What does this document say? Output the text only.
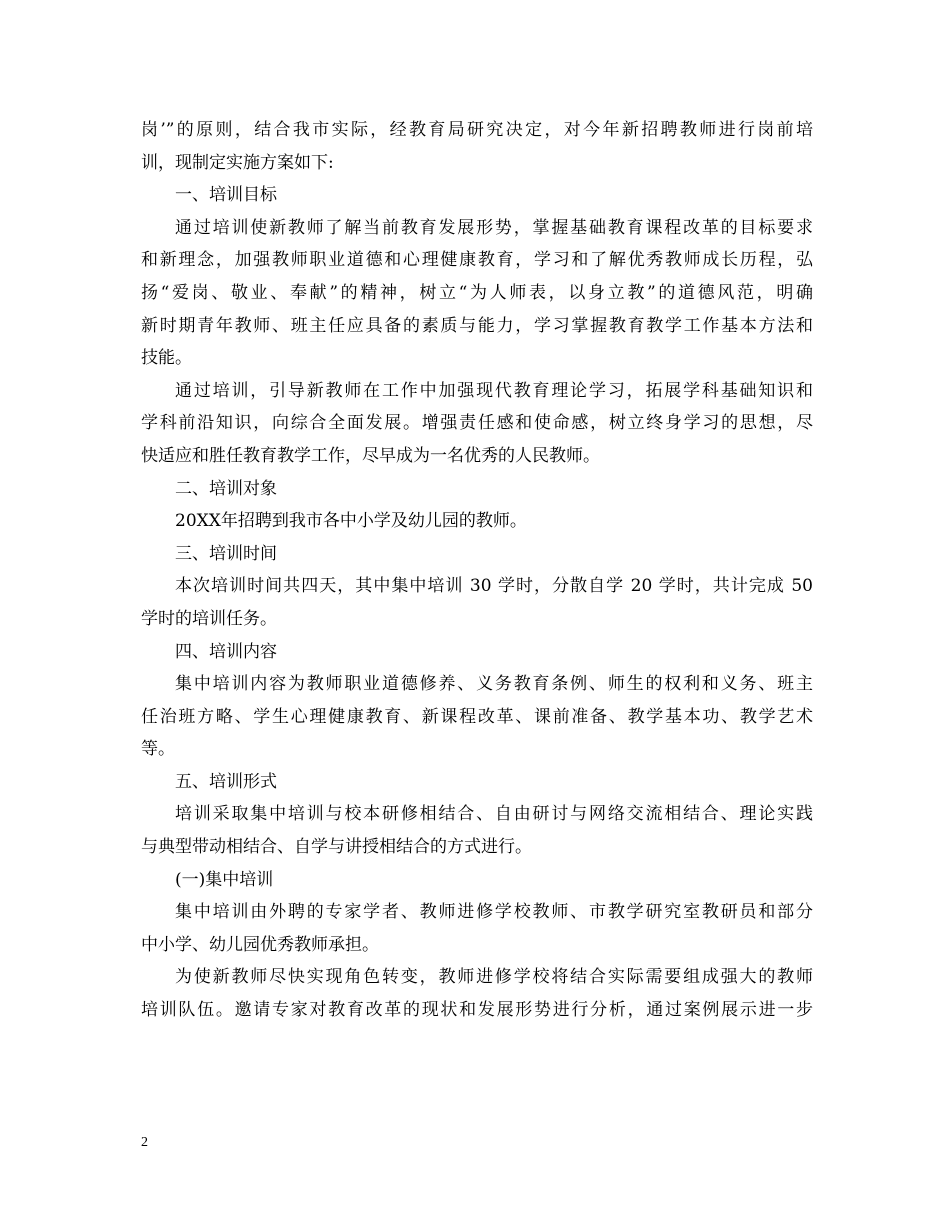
岗’”的原则，结合我市实际，经教育局研究决定，对今年新招聘教师进行岗前培
训，现制定实施方案如下:
一、培训目标
通过培训使新教师了解当前教育发展形势，掌握基础教育课程改革的目标要求
和新理念，加强教师职业道德和心理健康教育，学习和了解优秀教师成长历程，弘
扬“爱岗、敬业、奉献”的精神，树立“为人师表，以身立教”的道德风范，明确
新时期青年教师、班主任应具备的素质与能力，学习掌握教育教学工作基本方法和
技能。
通过培训，引导新教师在工作中加强现代教育理论学习，拓展学科基础知识和
学科前沿知识，向综合全面发展。增强责任感和使命感，树立终身学习的思想，尽
快适应和胜任教育教学工作，尽早成为一名优秀的人民教师。
二、培训对象
20XX年招聘到我市各中小学及幼儿园的教师。
三、培训时间
本次培训时间共四天，其中集中培训 30 学时，分散自学 20 学时，共计完成 50
学时的培训任务。
四、培训内容
集中培训内容为教师职业道德修养、义务教育条例、师生的权利和义务、班主
任治班方略、学生心理健康教育、新课程改革、课前准备、教学基本功、教学艺术
等。
五、培训形式
培训采取集中培训与校本研修相结合、自由研讨与网络交流相结合、理论实践
与典型带动相结合、自学与讲授相结合的方式进行。
(一)集中培训
集中培训由外聘的专家学者、教师进修学校教师、市教学研究室教研员和部分
中小学、幼儿园优秀教师承担。
为使新教师尽快实现角色转变，教师进修学校将结合实际需要组成强大的教师
培训队伍。邀请专家对教育改革的现状和发展形势进行分析，通过案例展示进一步
2
